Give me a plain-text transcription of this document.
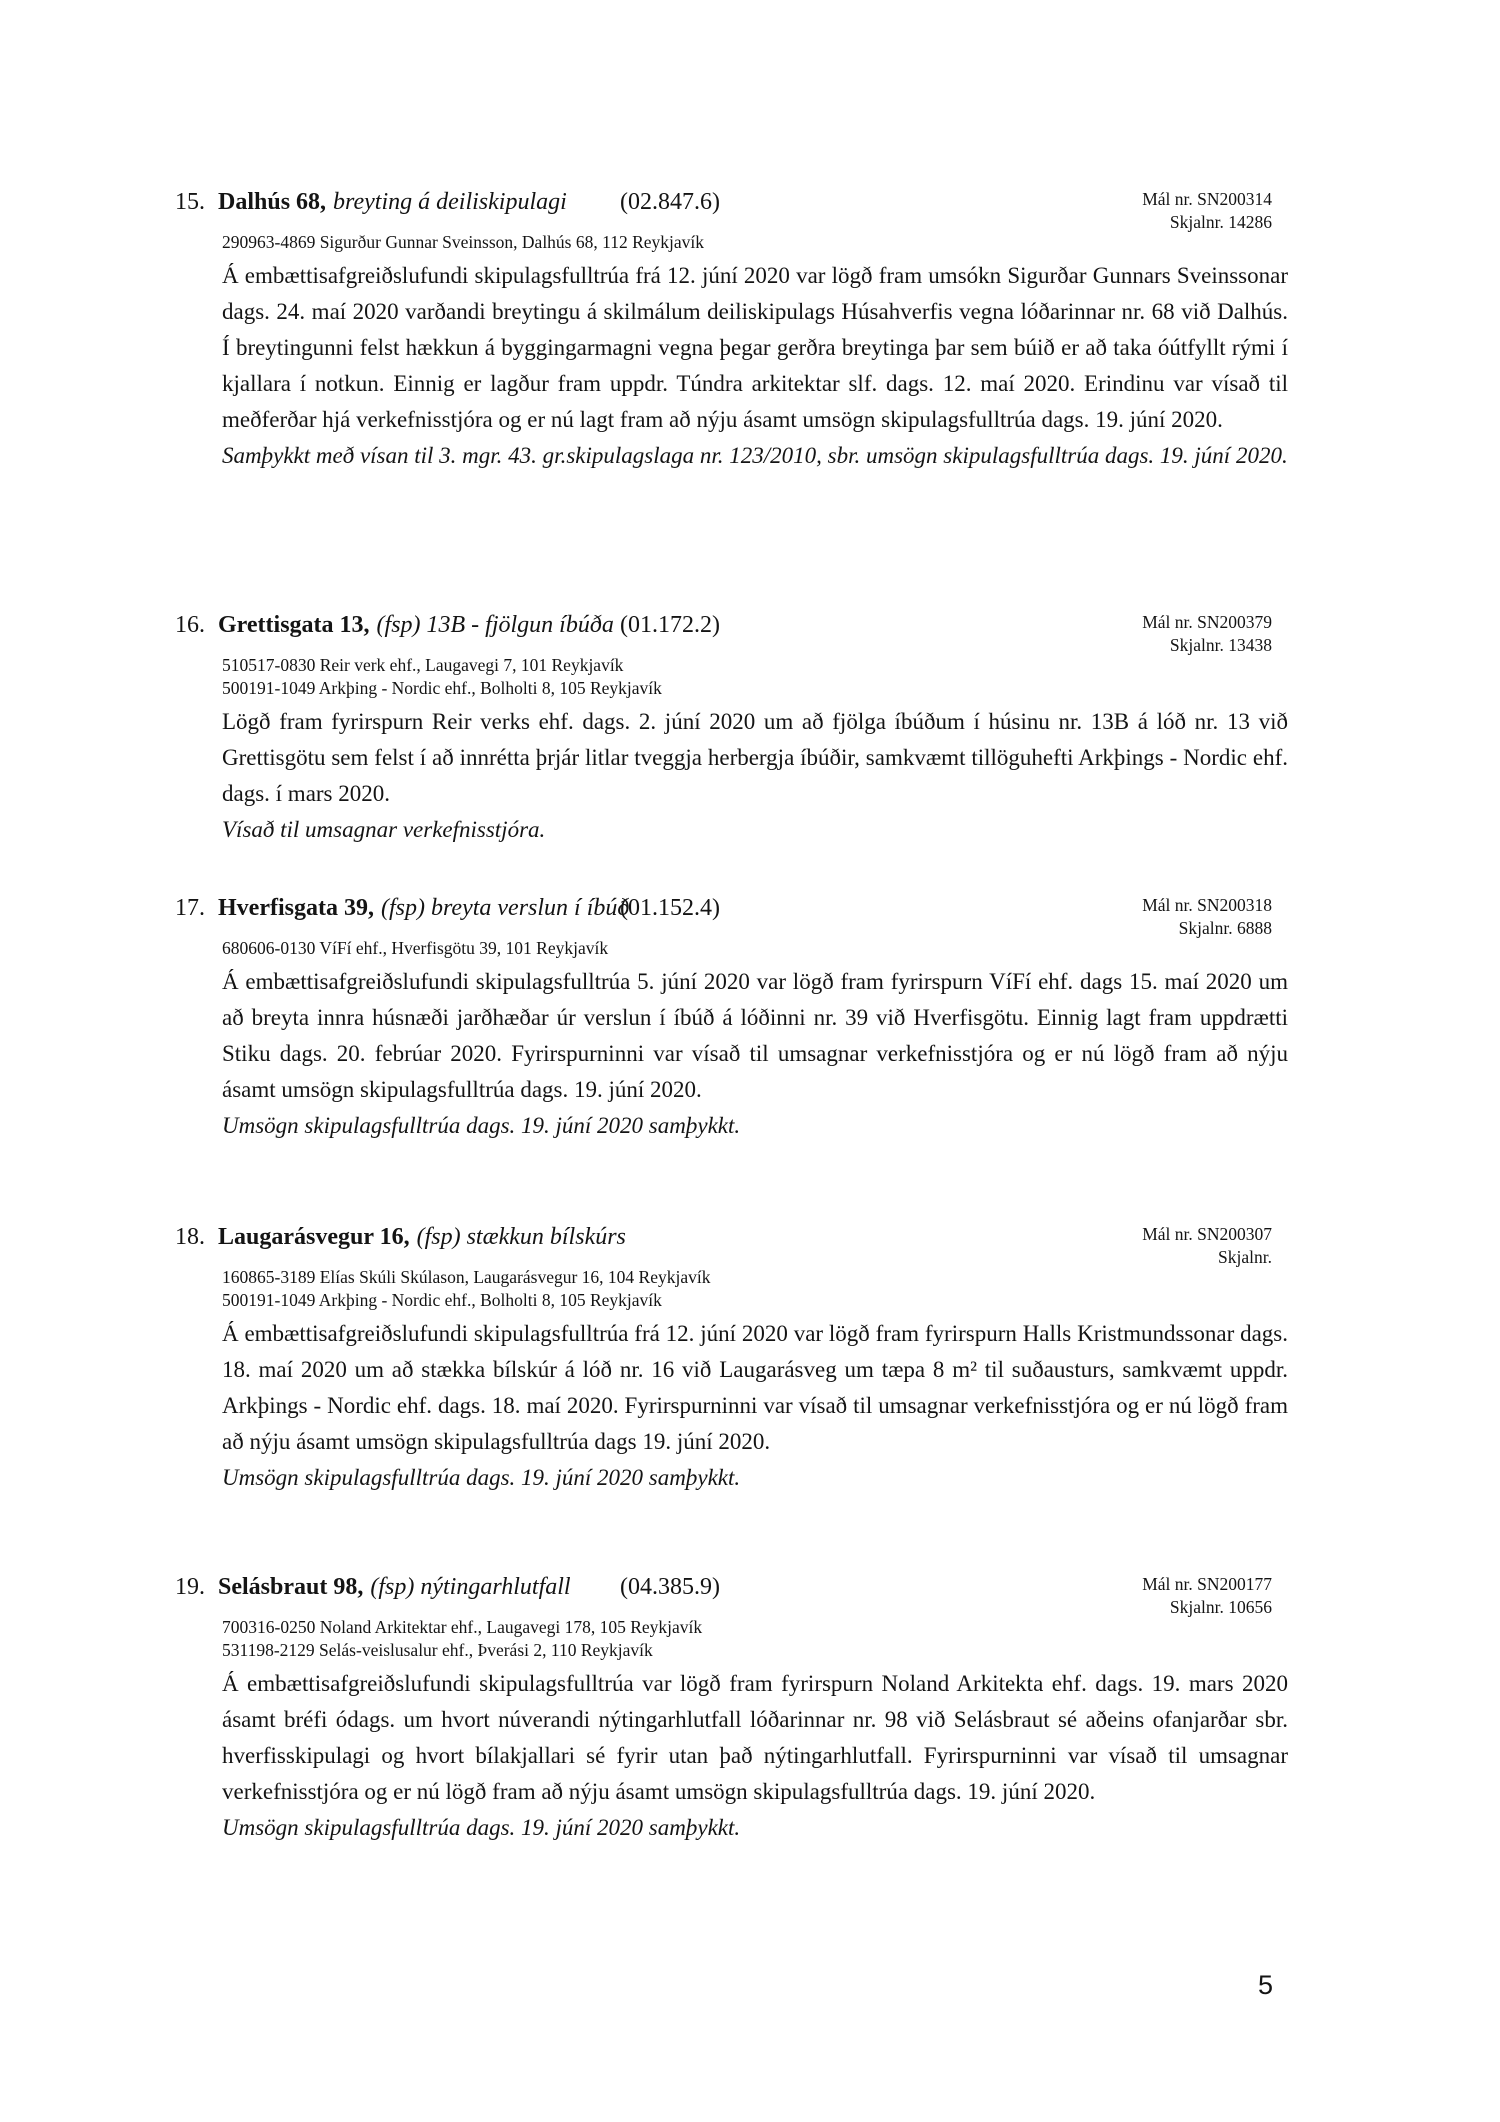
15. Dalhús 68, breyting á deiliskipulagi (02.847.6)	Mál nr. SN200314
Skjalnr. 14286
290963-4869 Sigurður Gunnar Sveinsson, Dalhús 68, 112 Reykjavík

Á embættisafgreiðslufundi skipulagsfulltrúa frá 12. júní 2020 var lögð fram umsókn Sigurðar Gunnars Sveinssonar dags. 24. maí 2020 varðandi breytingu á skilmálum deiliskipulags Húsahverfis vegna lóðarinnar nr. 68 við Dalhús. Í breytingunni felst hækkun á byggingarmagni vegna þegar gerðra breytinga þar sem búið er að taka óútfyllt rými í kjallara í notkun. Einnig er lagður fram uppdr. Túndra arkitektar slf. dags. 12. maí 2020. Erindinu var vísað til meðferðar hjá verkefnisstjóra og er nú lagt fram að nýju ásamt umsögn skipulagsfulltrúa dags. 19. júní 2020.

Samþykkt með vísan til 3. mgr. 43. gr.skipulagslaga nr. 123/2010, sbr. umsögn skipulagsfulltrúa dags. 19. júní 2020.

16. Grettisgata 13, (fsp) 13B - fjölgun íbúða (01.172.2)	Mál nr. SN200379
Skjalnr. 13438
510517-0830 Reir verk ehf., Laugavegi 7, 101 Reykjavík
500191-1049 Arkþing - Nordic ehf., Bolholti 8, 105 Reykjavík

Lögð fram fyrirspurn Reir verks ehf. dags. 2. júní 2020 um að fjölga íbúðum í húsinu nr. 13B á lóð nr. 13 við Grettisgötu sem felst í að innrétta þrjár litlar tveggja herbergja íbúðir, samkvæmt tillöguhefti Arkþings - Nordic ehf. dags. í mars 2020.

Vísað til umsagnar verkefnisstjóra.

17. Hverfisgata 39, (fsp) breyta verslun í íbúð
(01.152.4)	Mál nr. SN200318
Skjalnr. 6888
680606-0130 VíFí ehf., Hverfisgötu 39, 101 Reykjavík

Á embættisafgreiðslufundi skipulagsfulltrúa 5. júní 2020 var lögð fram fyrirspurn VíFí ehf. dags 15. maí 2020 um að breyta innra húsnæði jarðhæðar úr verslun í íbúð á lóðinni nr. 39 við Hverfisgötu. Einnig lagt fram uppdrætti Stiku dags. 20. febrúar 2020. Fyrirspurninni var vísað til umsagnar verkefnisstjóra og er nú lögð fram að nýju ásamt umsögn skipulagsfulltrúa dags. 19. júní 2020.

Umsögn skipulagsfulltrúa dags. 19. júní 2020 samþykkt.

18. Laugarásvegur 16, (fsp) stækkun bílskúrs	Mál nr. SN200307
Skjalnr.
160865-3189 Elías Skúli Skúlason, Laugarásvegur 16, 104 Reykjavík
500191-1049 Arkþing - Nordic ehf., Bolholti 8, 105 Reykjavík

Á embættisafgreiðslufundi skipulagsfulltrúa frá 12. júní 2020 var lögð fram fyrirspurn Halls Kristmundssonar dags. 18. maí 2020 um að stækka bílskúr á lóð nr. 16 við Laugarásveg um tæpa 8 m² til suðausturs, samkvæmt uppdr. Arkþings - Nordic ehf. dags. 18. maí 2020. Fyrirspurninni var vísað til umsagnar verkefnisstjóra og er nú lögð fram að nýju ásamt umsögn skipulagsfulltrúa dags 19. júní 2020.

Umsögn skipulagsfulltrúa dags. 19. júní 2020 samþykkt.

19. Selásbraut 98, (fsp) nýtingarhlutfall (04.385.9)	Mál nr. SN200177
Skjalnr. 10656
700316-0250 Noland Arkitektar ehf., Laugavegi 178, 105 Reykjavík
531198-2129 Selás-veislusalur ehf., Þverási 2, 110 Reykjavík

Á embættisafgreiðslufundi skipulagsfulltrúa var lögð fram fyrirspurn Noland Arkitekta ehf. dags. 19. mars 2020 ásamt bréfi ódags. um hvort núverandi nýtingarhlutfall lóðarinnar nr. 98 við Selásbraut sé aðeins ofanjarðar sbr. hverfisskipulagi og hvort bílakjallari sé fyrir utan það nýtingarhlutfall. Fyrirspurninni var vísað til umsagnar verkefnisstjóra og er nú lögð fram að nýju ásamt umsögn skipulagsfulltrúa dags. 19. júní 2020.

Umsögn skipulagsfulltrúa dags. 19. júní 2020 samþykkt.

5
